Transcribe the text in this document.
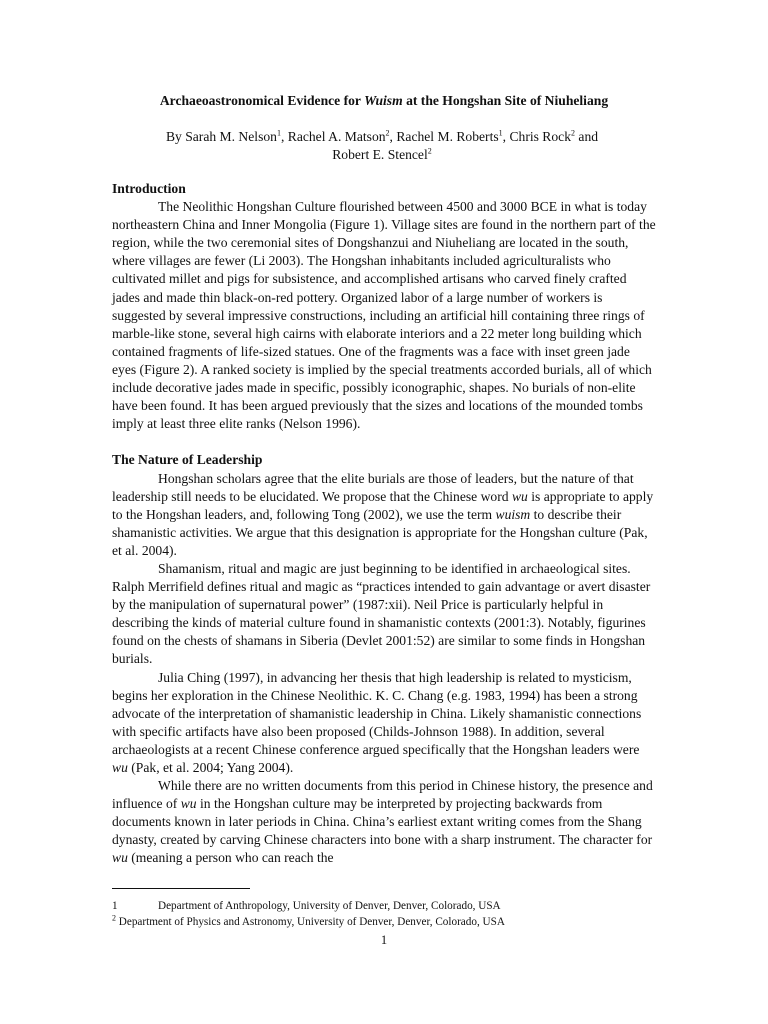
Archaeoastronomical Evidence for Wuism at the Hongshan Site of Niuheliang
By Sarah M. Nelson$^1$, Rachel A. Matson$^2$, Rachel M. Roberts$^1$, Chris Rock$^2$ and
Robert E. Stencel$^2$

Introduction

The Neolithic Hongshan Culture flourished between 4500 and 3000 BCE in what is today northeastern China and Inner Mongolia (Figure 1). Village sites are found in the northern part of the region, while the two ceremonial sites of Dongshanzui and Niuheliang are located in the south, where villages are fewer (Li 2003). The Hongshan inhabitants included agriculturalists who cultivated millet and pigs for subsistence, and accomplished artisans who carved finely crafted jades and made thin black-on-red pottery. Organized labor of a large number of workers is suggested by several impressive constructions, including an artificial hill containing three rings of marble-like stone, several high cairns with elaborate interiors and a 22 meter long building which contained fragments of life-sized statues. One of the fragments was a face with inset green jade eyes (Figure 2). A ranked society is implied by the special treatments accorded burials, all of which include decorative jades made in specific, possibly iconographic, shapes. No burials of non-elite have been found. It has been argued previously that the sizes and locations of the mounded tombs imply at least three elite ranks (Nelson 1996).

The Nature of Leadership

Hongshan scholars agree that the elite burials are those of leaders, but the nature of that leadership still needs to be elucidated. We propose that the Chinese word wu is appropriate to apply to the Hongshan leaders, and, following Tong (2002), we use the term wuism to describe their shamanistic activities. We argue that this designation is appropriate for the Hongshan culture (Pak, et al. 2004).

Shamanism, ritual and magic are just beginning to be identified in archaeological sites. Ralph Merrifield defines ritual and magic as “practices intended to gain advantage or avert disaster by the manipulation of supernatural power” (1987:xii). Neil Price is particularly helpful in describing the kinds of material culture found in shamanistic contexts (2001:3). Notably, figurines found on the chests of shamans in Siberia (Devlet 2001:52) are similar to some finds in Hongshan burials.

Julia Ching (1997), in advancing her thesis that high leadership is related to mysticism, begins her exploration in the Chinese Neolithic. K. C. Chang (e.g. 1983, 1994) has been a strong advocate of the interpretation of shamanistic leadership in China. Likely shamanistic connections with specific artifacts have also been proposed (Childs-Johnson 1988). In addition, several archaeologists at a recent Chinese conference argued specifically that the Hongshan leaders were wu (Pak, et al. 2004; Yang 2004).

While there are no written documents from this period in Chinese history, the presence and influence of wu in the Hongshan culture may be interpreted by projecting backwards from documents known in later periods in China. China’s earliest extant writing comes from the Shang dynasty, created by carving Chinese characters into bone with a sharp instrument. The character for wu (meaning a person who can reach the

1	Department of Anthropology, University of Denver, Denver, Colorado, USA
$^2$ Department of Physics and Astronomy, University of Denver, Denver, Colorado, USA
1
